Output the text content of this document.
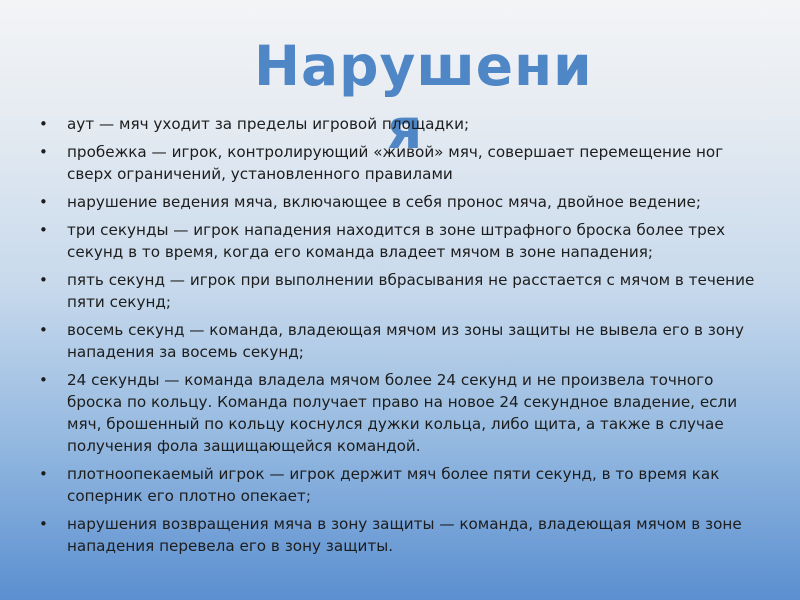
Нарушени
я
• аут — мяч уходит за пределы игровой площадки;
• пробежка — игрок, контролирующий «живой» мяч, совершает перемещение ног сверх ограничений, установленного правилами
• нарушение ведения мяча, включающее в себя пронос мяча, двойное ведение;
• три секунды — игрок нападения находится в зоне штрафного броска более трех секунд в то время, когда его команда владеет мячом в зоне нападения;
• пять секунд — игрок при выполнении вбрасывания не расстается с мячом в течение пяти секунд;
• восемь секунд — команда, владеющая мячом из зоны защиты не вывела его в зону нападения за восемь секунд;
• 24 секунды — команда владела мячом более 24 секунд и не произвела точного броска по кольцу. Команда получает право на новое 24 секундное владение, если мяч, брошенный по кольцу коснулся дужки кольца, либо щита, а также в случае получения фола защищающейся командой.
• плотноопекаемый игрок — игрок держит мяч более пяти секунд, в то время как соперник его плотно опекает;
• нарушения возвращения мяча в зону защиты — команда, владеющая мячом в зоне нападения перевела его в зону защиты.
